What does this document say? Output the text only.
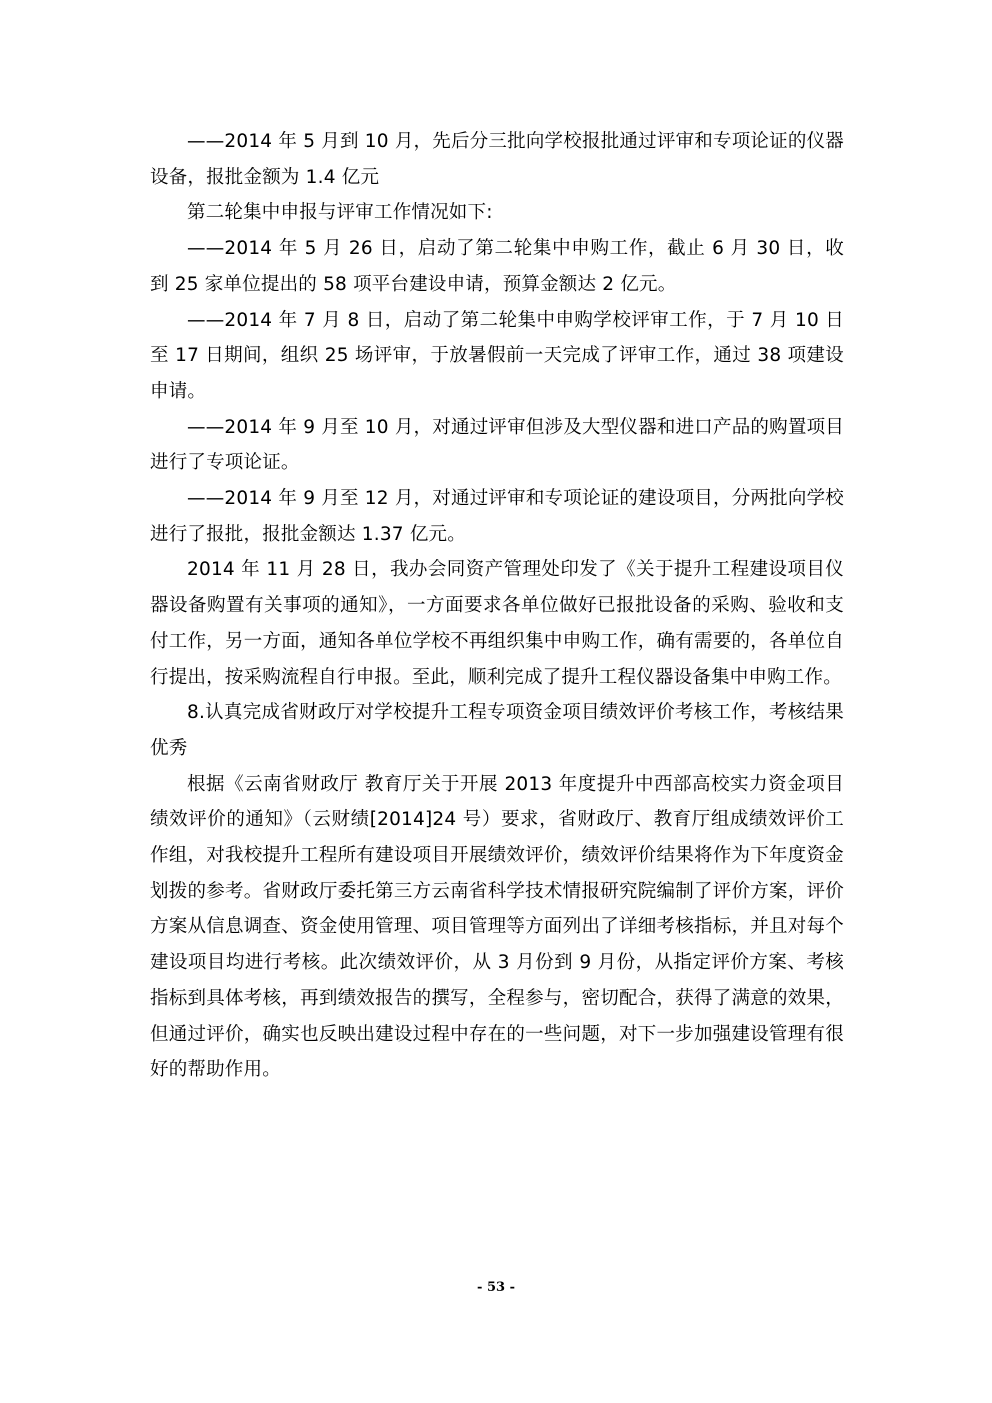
——2014 年 5 月到 10 月，先后分三批向学校报批通过评审和专项论证的仪器设备，报批金额为 1.4 亿元

第二轮集中申报与评审工作情况如下:

——2014 年 5 月 26 日，启动了第二轮集中申购工作，截止 6 月 30 日，收到 25 家单位提出的 58 项平台建设申请，预算金额达 2 亿元。

——2014 年 7 月 8 日，启动了第二轮集中申购学校评审工作，于 7 月 10 日至 17 日期间，组织 25 场评审，于放暑假前一天完成了评审工作，通过 38 项建设申请。

——2014 年 9 月至 10 月，对通过评审但涉及大型仪器和进口产品的购置项目进行了专项论证。

——2014 年 9 月至 12 月，对通过评审和专项论证的建设项目，分两批向学校进行了报批，报批金额达 1.37 亿元。

2014 年 11 月 28 日，我办会同资产管理处印发了《关于提升工程建设项目仪器设备购置有关事项的通知》，一方面要求各单位做好已报批设备的采购、验收和支付工作，另一方面，通知各单位学校不再组织集中申购工作，确有需要的，各单位自行提出，按采购流程自行申报。至此，顺利完成了提升工程仪器设备集中申购工作。

8.认真完成省财政厅对学校提升工程专项资金项目绩效评价考核工作，考核结果优秀

根据《云南省财政厅 教育厅关于开展 2013 年度提升中西部高校实力资金项目绩效评价的通知》（云财绩[2014]24 号）要求，省财政厅、教育厅组成绩效评价工作组，对我校提升工程所有建设项目开展绩效评价，绩效评价结果将作为下年度资金划拨的参考。省财政厅委托第三方云南省科学技术情报研究院编制了评价方案，评价方案从信息调查、资金使用管理、项目管理等方面列出了详细考核指标，并且对每个建设项目均进行考核。此次绩效评价，从 3 月份到 9 月份，从指定评价方案、考核指标到具体考核，再到绩效报告的撰写，全程参与，密切配合，获得了满意的效果，但通过评价，确实也反映出建设过程中存在的一些问题，对下一步加强建设管理有很好的帮助作用。

- 53 -
